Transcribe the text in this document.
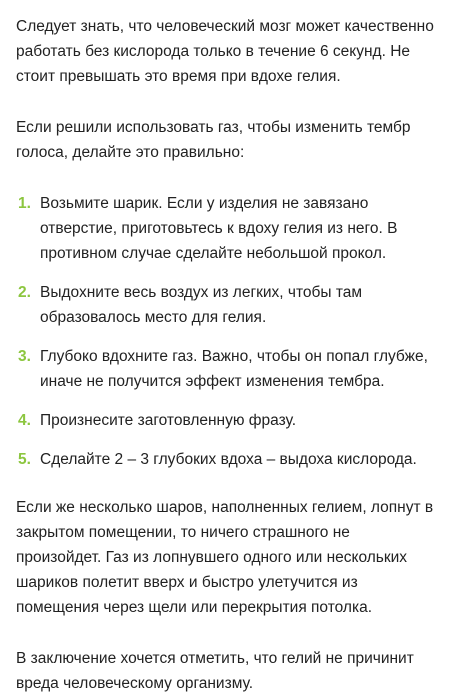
Следует знать, что человеческий мозг может качественно работать без кислорода только в течение 6 секунд. Не стоит превышать это время при вдохе гелия.

Если решили использовать газ, чтобы изменить тембр голоса, делайте это правильно:

1. Возьмите шарик. Если у изделия не завязано отверстие, приготовьтесь к вдоху гелия из него. В противном случае сделайте небольшой прокол.
2. Выдохните весь воздух из легких, чтобы там образовалось место для гелия.
3. Глубоко вдохните газ. Важно, чтобы он попал глубже, иначе не получится эффект изменения тембра.
4. Произнесите заготовленную фразу.
5. Сделайте 2 – 3 глубоких вдоха – выдоха кислорода.

Если же несколько шаров, наполненных гелием, лопнут в закрытом помещении, то ничего страшного не произойдет. Газ из лопнувшего одного или нескольких шариков полетит вверх и быстро улетучится из помещения через щели или перекрытия потолка.

В заключение хочется отметить, что гелий не причинит вреда человеческому организму.
